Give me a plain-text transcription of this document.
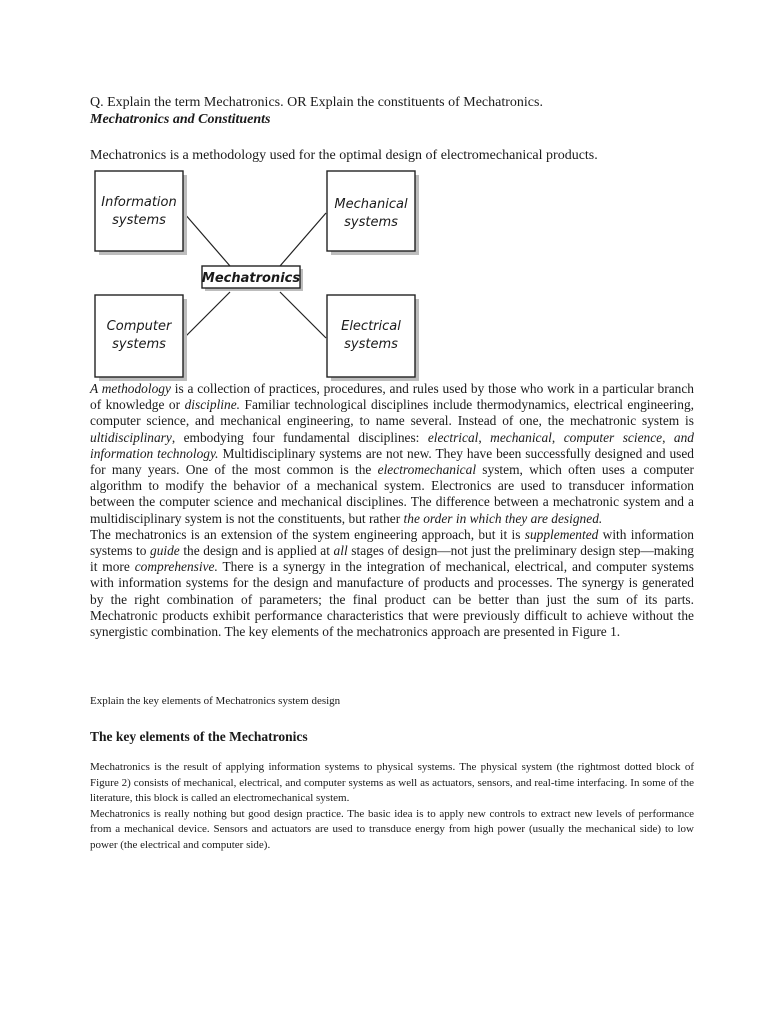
Q. Explain the term Mechatronics. OR Explain the constituents of Mechatronics.
Mechatronics and Constituents
Mechatronics is a methodology used for the optimal design of electromechanical products.
Information
systems
Mechanical
systems
Computer
systems
Electrical
systems
Mechatronics

A methodology is a collection of practices, procedures, and rules used by those who work in a particular branch of knowledge or discipline. Familiar technological disciplines include thermodynamics, electrical engineering, computer science, and mechanical engineering, to name several. Instead of one, the mechatronic system is ultidisciplinary, embodying four fundamental disciplines: electrical, mechanical, computer science, and information technology. Multidisciplinary systems are not new. They have been successfully designed and used for many years. One of the most common is the electromechanical system, which often uses a computer algorithm to modify the behavior of a mechanical system. Electronics are used to transducer information between the computer science and mechanical disciplines. The difference between a mechatronic system and a multidisciplinary system is not the constituents, but rather the order in which they are designed.

The mechatronics is an extension of the system engineering approach, but it is supplemented with information systems to guide the design and is applied at all stages of design—not just the preliminary design step—making it more comprehensive. There is a synergy in the integration of mechanical, electrical, and computer systems with information systems for the design and manufacture of products and processes. The synergy is generated by the right combination of parameters; the final product can be better than just the sum of its parts. Mechatronic products exhibit performance characteristics that were previously difficult to achieve without the synergistic combination. The key elements of the mechatronics approach are presented in Figure 1.

Explain the key elements of Mechatronics system design
The key elements of the Mechatronics

Mechatronics is the result of applying information systems to physical systems. The physical system (the rightmost dotted block of Figure 2) consists of mechanical, electrical, and computer systems as well as actuators, sensors, and real-time interfacing. In some of the literature, this block is called an electromechanical system.

Mechatronics is really nothing but good design practice. The basic idea is to apply new controls to extract new levels of performance from a mechanical device. Sensors and actuators are used to transduce energy from high power (usually the mechanical side) to low power (the electrical and computer side).
